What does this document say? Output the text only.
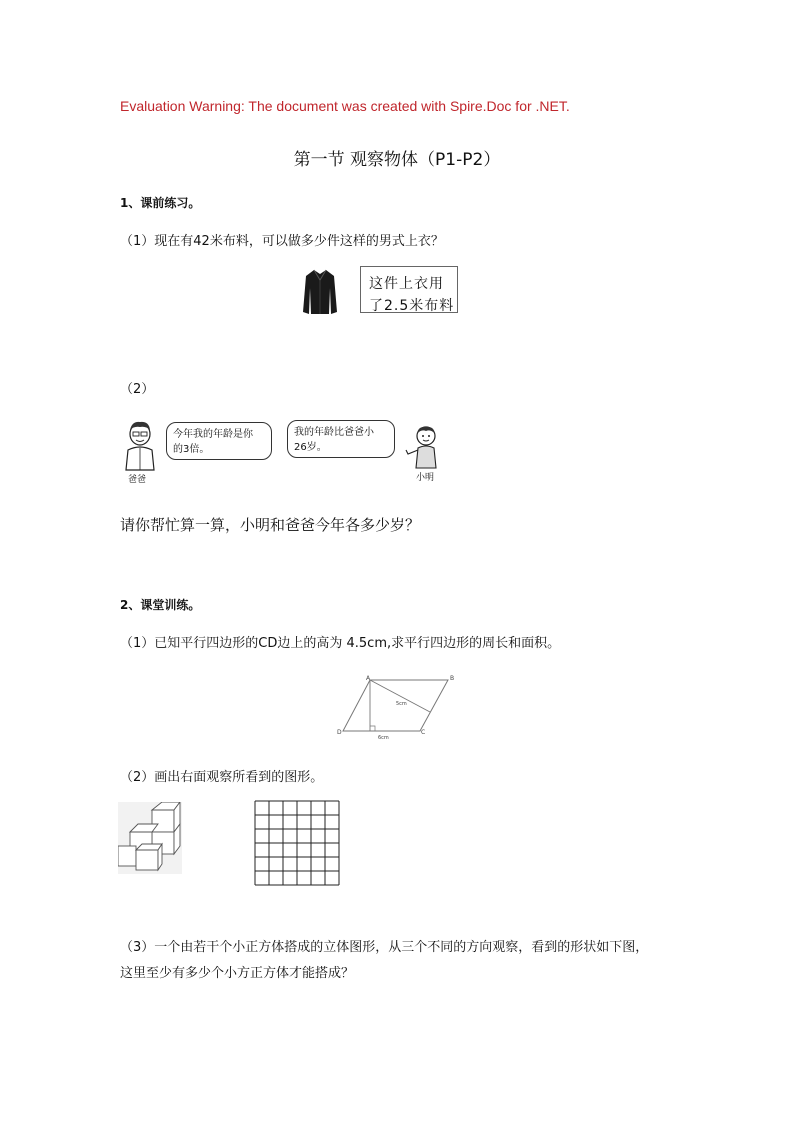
Evaluation Warning: The document was created with Spire.Doc for .NET.
第一节 观察物体（P1-P2）
1、课前练习。
（1）现在有42米布料，可以做多少件这样的男式上衣？
这件上衣用
了2.5米布料
（2）
爸爸
今年我的年龄是你
的3倍。
我的年龄比爸爸小
26岁。
小明
请你帮忙算一算，小明和爸爸今年各多少岁？
2、课堂训练。
（1）已知平行四边形的CD边上的高为 4.5cm,求平行四边形的周长和面积。
A	B
C
D
5cm
6cm
（2）画出右面观察所看到的图形。
（3）一个由若干个小正方体搭成的立体图形，从三个不同的方向观察，看到的形状如下图，
这里至少有多少个小方正方体才能搭成？
